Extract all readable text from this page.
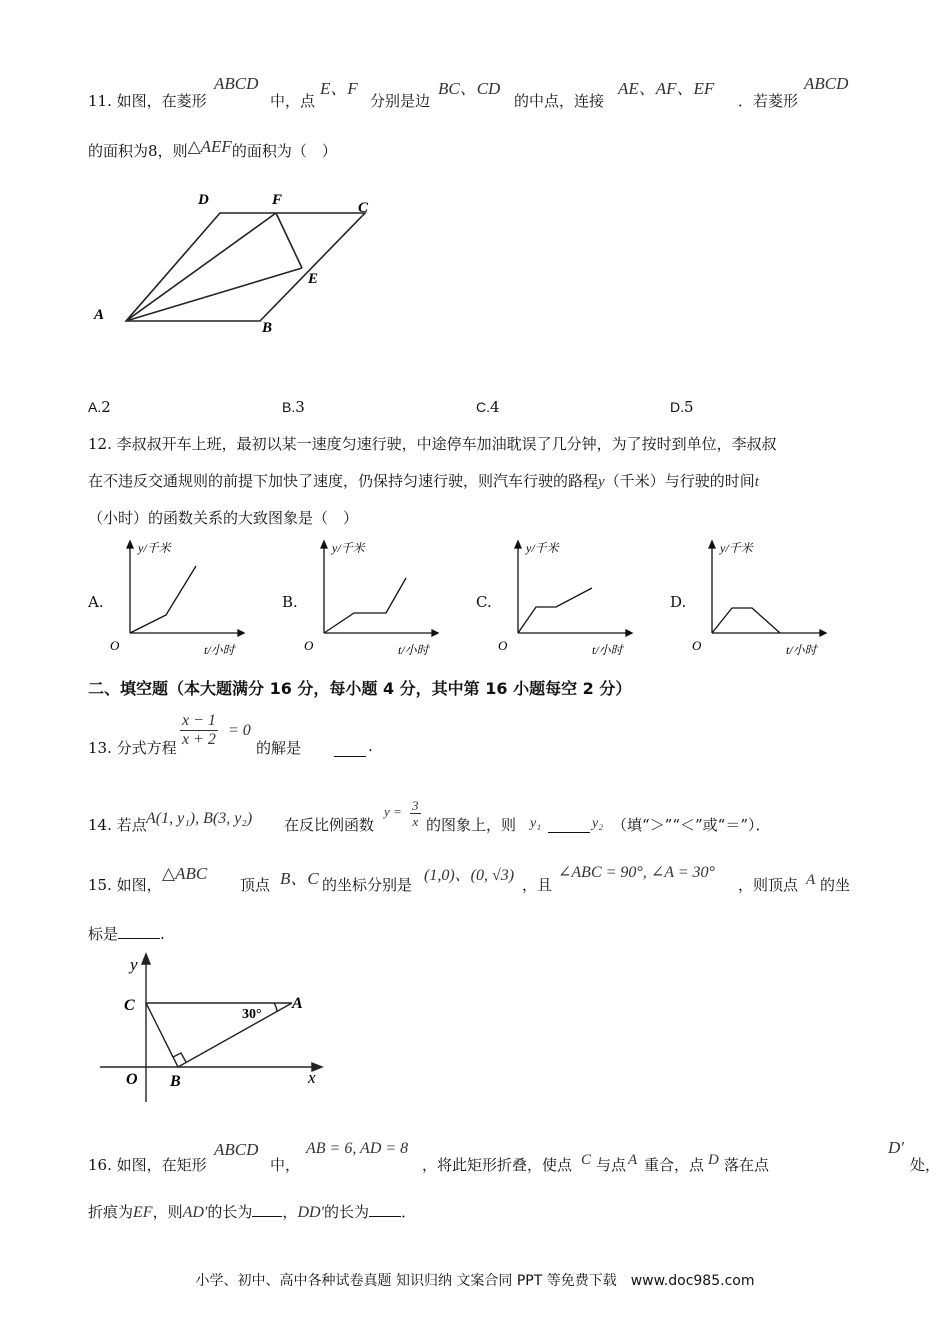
11. 如图，在菱形
ABCD
中，点
E、F
分别是边
BC、CD
的中点，连接
AE、AF、EF
．若菱形
ABCD
的面积为8，则△AEF的面积为（　）
D	F	C
E
A
B
A.2	B.3	C.4	D.5
12. 李叔叔开车上班，最初以某一速度匀速行驶，中途停车加油耽误了几分钟，为了按时到单位，李叔叔
在不违反交通规则的前提下加快了速度，仍保持匀速行驶，则汽车行驶的路程y（千米）与行驶的时间t
（小时）的函数关系的大致图象是（　）
A.	B.	C.	D.
y/千米
O	t/小时
y/千米
O	t/小时
y/千米
O	t/小时
y/千米
O	t/小时
二、填空题（本大题满分 16 分，每小题 4 分，其中第 16 小题每空 2 分）
13. 分式方程 $\frac{x - 1}{x + 2} = 0$
的解是	.
14. 若点 A(1, y₁), B(3, y₂) 在反比例函数
$y = \frac{3}{x}$ 的图象上，则 y₁	y₂ （填“＞”“＜”或“＝”）．
15. 如图，
△ABC
顶点 B、C 的坐标分别是
(1,0)、(0, √3)
，且
∠ABC = 90°, ∠A = 30°
，则顶点 A 的坐
标是	.
y
x
O B
C	A
30°
16. 如图，在矩形
ABCD
中，
AB = 6, AD = 8
，将此矩形折叠，使点 C 与点 A 重合，点 D 落在点
D′
处，
折痕为EF，则AD′的长为 ，DD′的长为 ．
小学、初中、高中各种试卷真题 知识归纳 文案合同 PPT 等免费下载　www.doc985.com
